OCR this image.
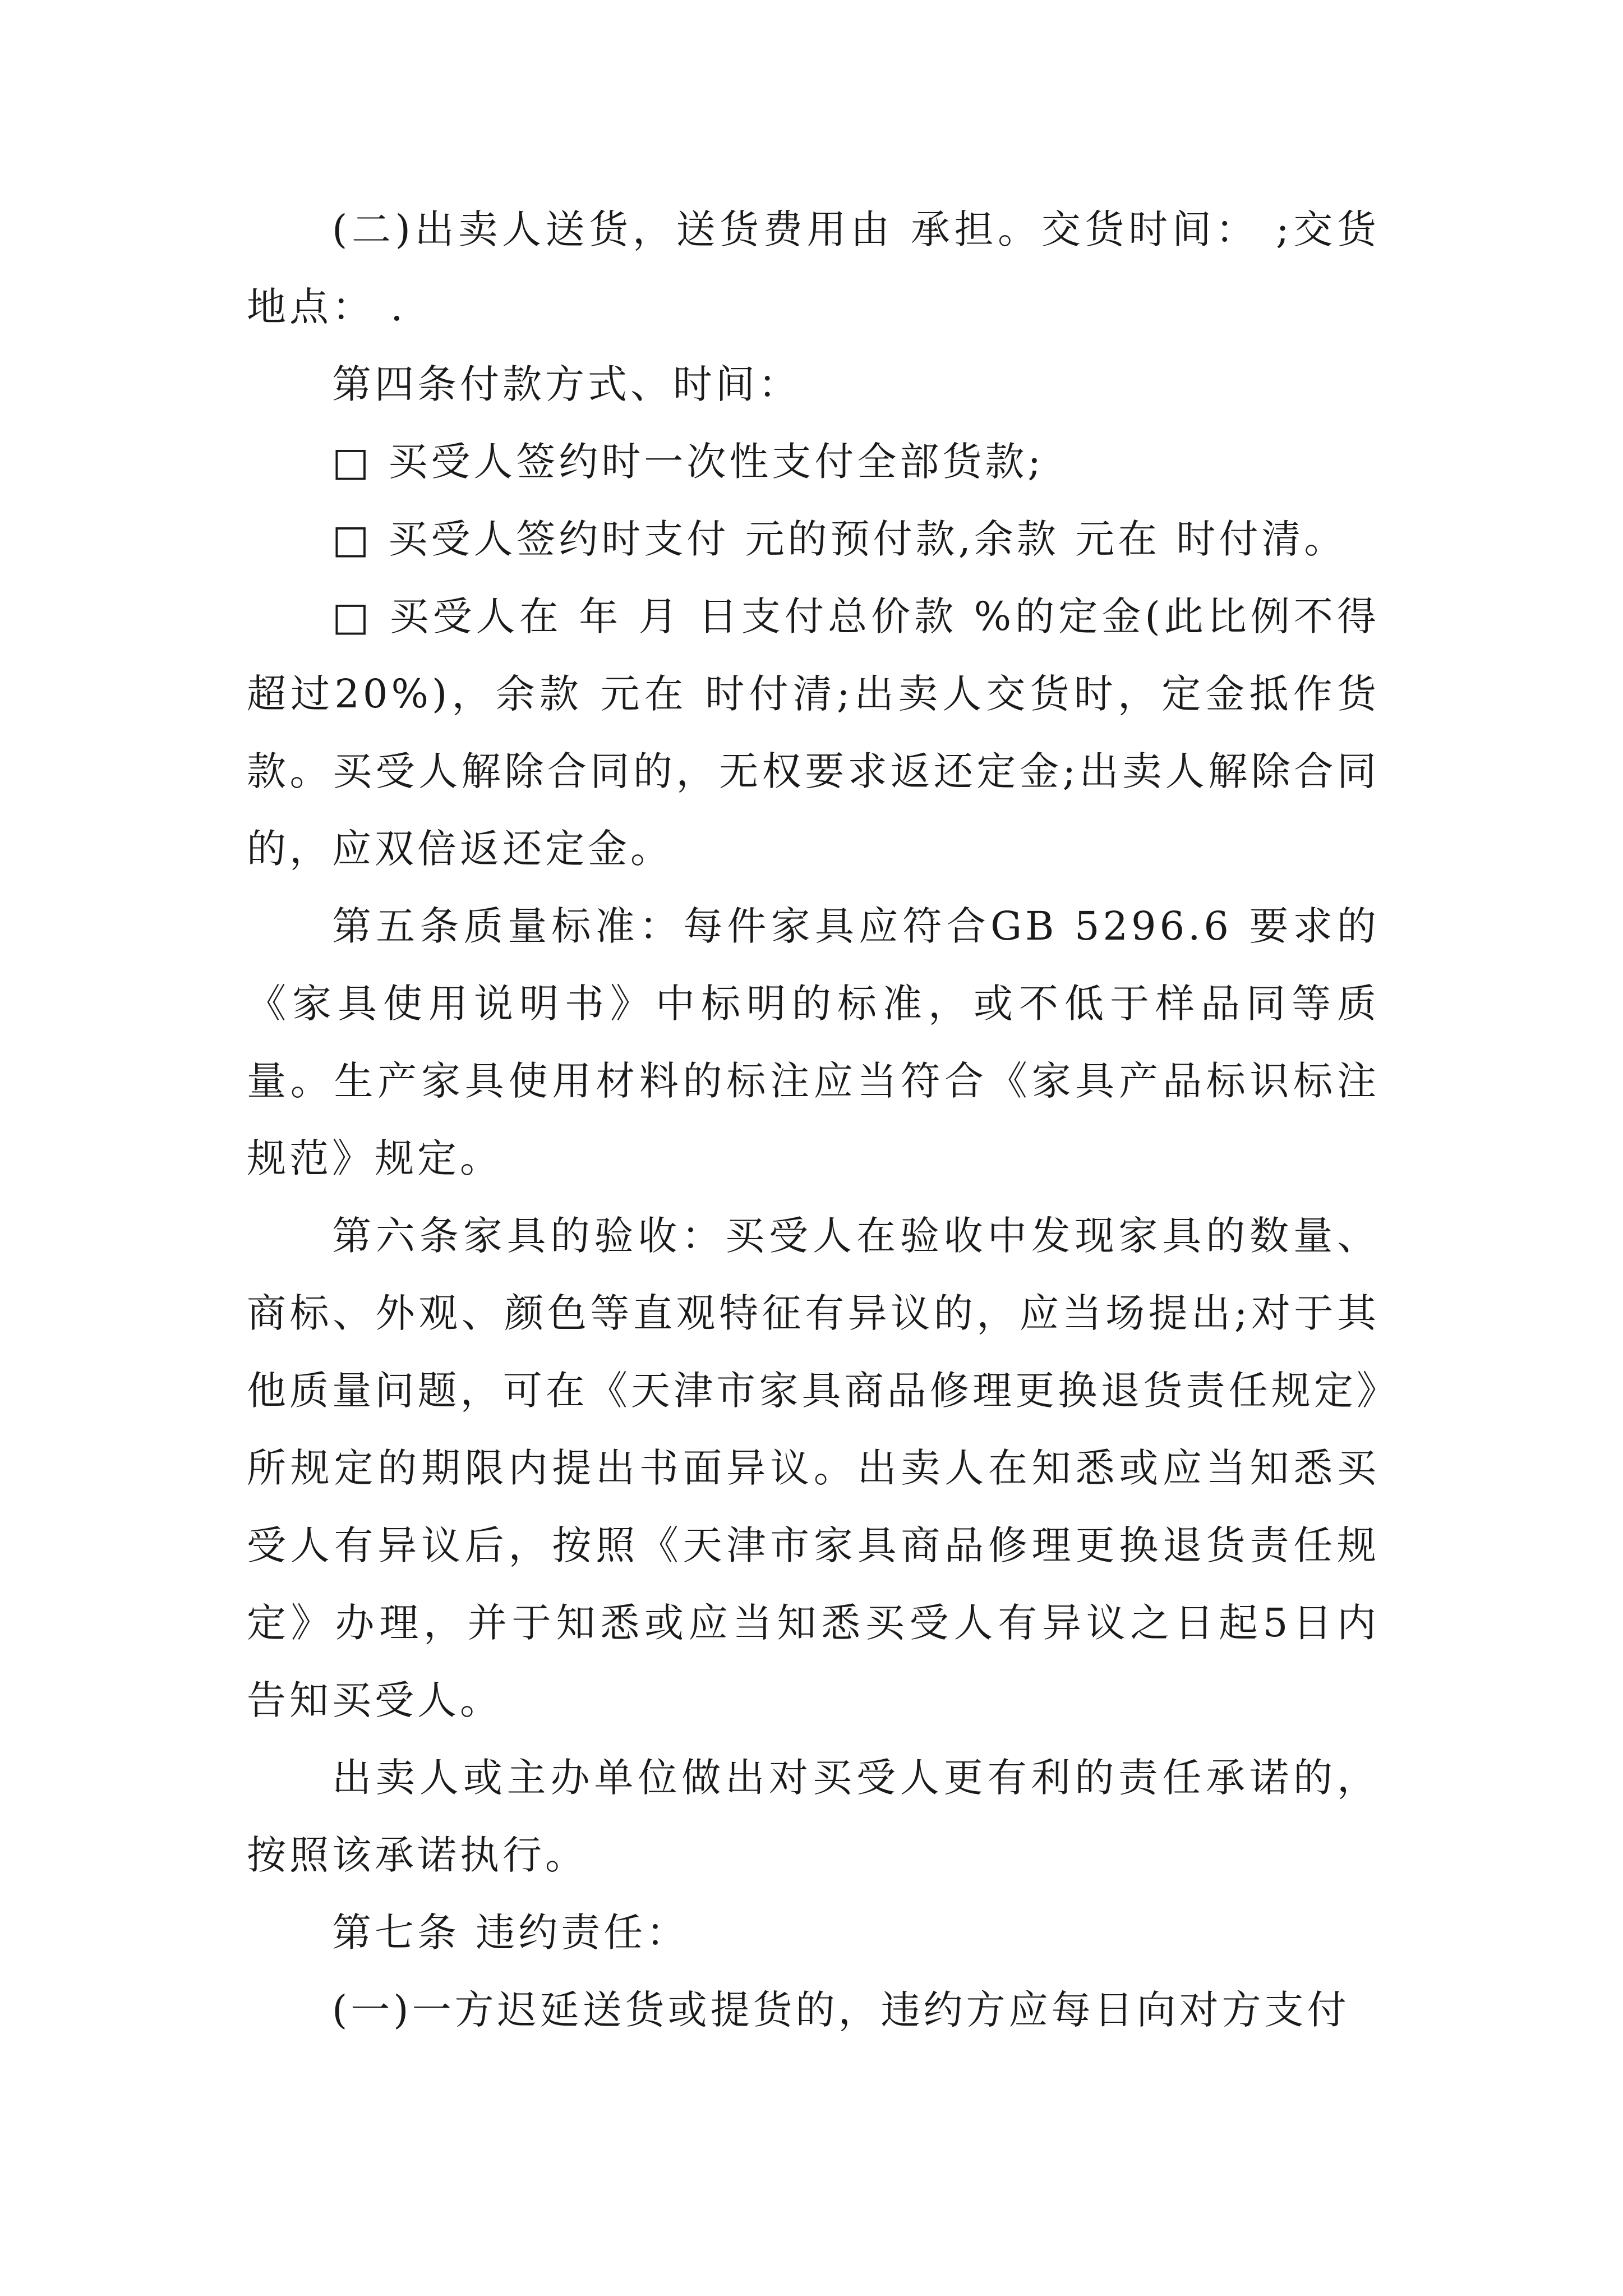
(二)出卖人送货，送货费用由 承担。交货时间： ;交货地点： .

第四条付款方式、时间：

□ 买受人签约时一次性支付全部货款;

□ 买受人签约时支付 元的预付款,余款 元在 时付清。

□ 买受人在 年 月 日支付总价款 %的定金(此比例不得超过20%)，余款 元在 时付清;出卖人交货时，定金抵作货款。买受人解除合同的，无权要求返还定金;出卖人解除合同的，应双倍返还定金。

第五条质量标准：每件家具应符合GB 5296.6 要求的《家具使用说明书》中标明的标准，或不低于样品同等质量。生产家具使用材料的标注应当符合《家具产品标识标注规范》规定。

第六条家具的验收：买受人在验收中发现家具的数量、商标、外观、颜色等直观特征有异议的，应当场提出;对于其他质量问题，可在《天津市家具商品修理更换退货责任规定》所规定的期限内提出书面异议。出卖人在知悉或应当知悉买受人有异议后，按照《天津市家具商品修理更换退货责任规定》办理，并于知悉或应当知悉买受人有异议之日起5日内告知买受人。

出卖人或主办单位做出对买受人更有利的责任承诺的，按照该承诺执行。

第七条 违约责任：

(一)一方迟延送货或提货的，违约方应每日向对方支付
